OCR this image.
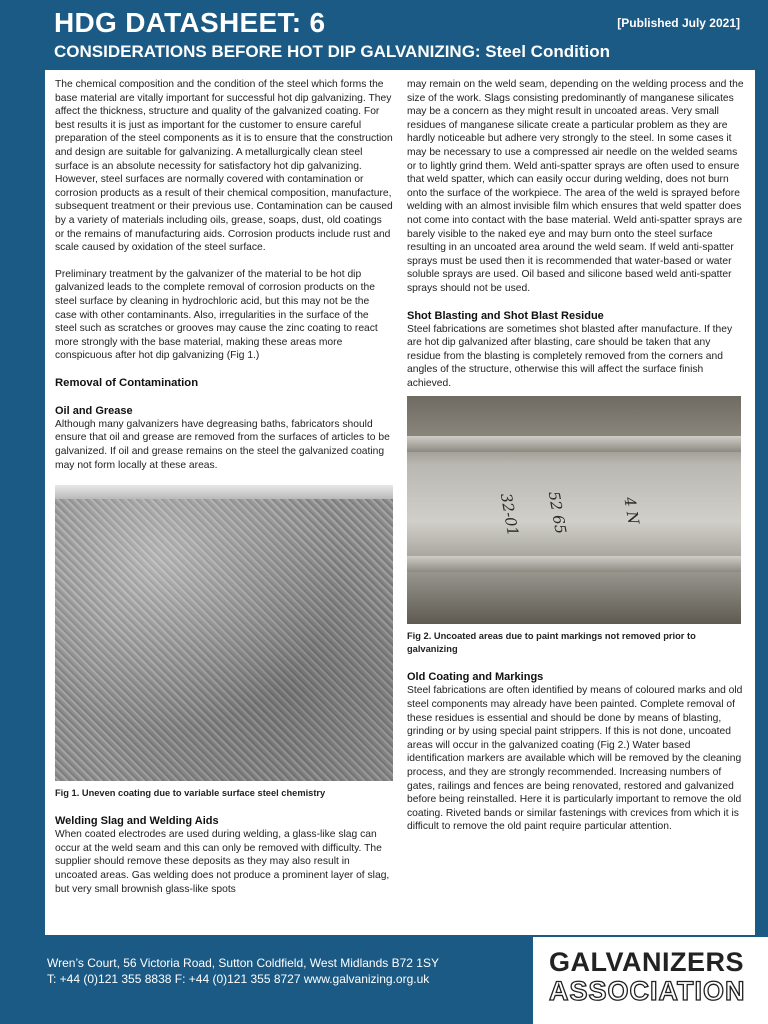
HDG DATASHEET: 6	[Published July 2021]
CONSIDERATIONS BEFORE HOT DIP GALVANIZING: Steel Condition

The chemical composition and the condition of the steel which forms the base material are vitally important for successful hot dip galvanizing. They affect the thickness, structure and quality of the galvanized coating. For best results it is just as important for the customer to ensure careful preparation of the steel components as it is to ensure that the construction and design are suitable for galvanizing. A metallurgically clean steel surface is an absolute necessity for satisfactory hot dip galvanizing. However, steel surfaces are normally covered with contamination or corrosion products as a result of their chemical composition, manufacture, subsequent treatment or their previous use. Contamination can be caused by a variety of materials including oils, grease, soaps, dust, old coatings or the remains of manufacturing aids. Corrosion products include rust and scale caused by oxidation of the steel surface.

Preliminary treatment by the galvanizer of the material to be hot dip galvanized leads to the complete removal of corrosion products on the steel surface by cleaning in hydrochloric acid, but this may not be the case with other contaminants. Also, irregularities in the surface of the steel such as scratches or grooves may cause the zinc coating to react more strongly with the base material, making these areas more conspicuous after hot dip galvanizing (Fig 1.)

Removal of Contamination
Oil and Grease

Although many galvanizers have degreasing baths, fabricators should ensure that oil and grease are removed from the surfaces of articles to be galvanized. If oil and grease remains on the steel the galvanized coating may not form locally at these areas.

Fig 1. Uneven coating due to variable surface steel chemistry
Welding Slag and Welding Aids

When coated electrodes are used during welding, a glass-like slag can occur at the weld seam and this can only be removed with difficulty. The supplier should remove these deposits as they may also result in uncoated areas. Gas welding does not produce a prominent layer of slag, but very small brownish glass-like spots

may remain on the weld seam, depending on the welding process and the size of the work. Slags consisting predominantly of manganese silicates may be a concern as they might result in uncoated areas. Very small residues of manganese silicate create a particular problem as they are hardly noticeable but adhere very strongly to the steel. In some cases it may be necessary to use a compressed air needle on the welded seams or to lightly grind them. Weld anti-spatter sprays are often used to ensure that weld spatter, which can easily occur during welding, does not burn onto the surface of the workpiece. The area of the weld is sprayed before welding with an almost invisible film which ensures that weld spatter does not come into contact with the base material. Weld anti-spatter sprays are barely visible to the naked eye and may burn onto the steel surface resulting in an uncoated area around the weld seam. If weld anti-spatter sprays must be used then it is recommended that water-based or water soluble sprays are used. Oil based and silicone based weld anti-spatter sprays should not be used.

Shot Blasting and Shot Blast Residue

Steel fabrications are sometimes shot blasted after manufacture. If they are hot dip galvanized after blasting, care should be taken that any residue from the blasting is completely removed from the corners and angles of the structure, otherwise this will affect the surface finish achieved.

32-01 52 65	4 N
Fig 2. Uncoated areas due to paint markings not removed prior to galvanizing
Old Coating and Markings

Steel fabrications are often identified by means of coloured marks and old steel components may already have been painted. Complete removal of these residues is essential and should be done by means of blasting, grinding or by using special paint strippers. If this is not done, uncoated areas will occur in the galvanized coating (Fig 2.) Water based identification markers are available which will be removed by the cleaning process, and they are strongly recommended. Increasing numbers of gates, railings and fences are being renovated, restored and galvanized before being reinstalled. Here it is particularly important to remove the old coating. Riveted bands or similar fastenings with crevices from which it is difficult to remove the old paint require particular attention.

Wren’s Court, 56 Victoria Road, Sutton Coldfield, West Midlands B72 1SY
T: +44 (0)121 355 8838 F: +44 (0)121 355 8727 www.galvanizing.org.uk
GALVANIZERS
ASSOCIATION
